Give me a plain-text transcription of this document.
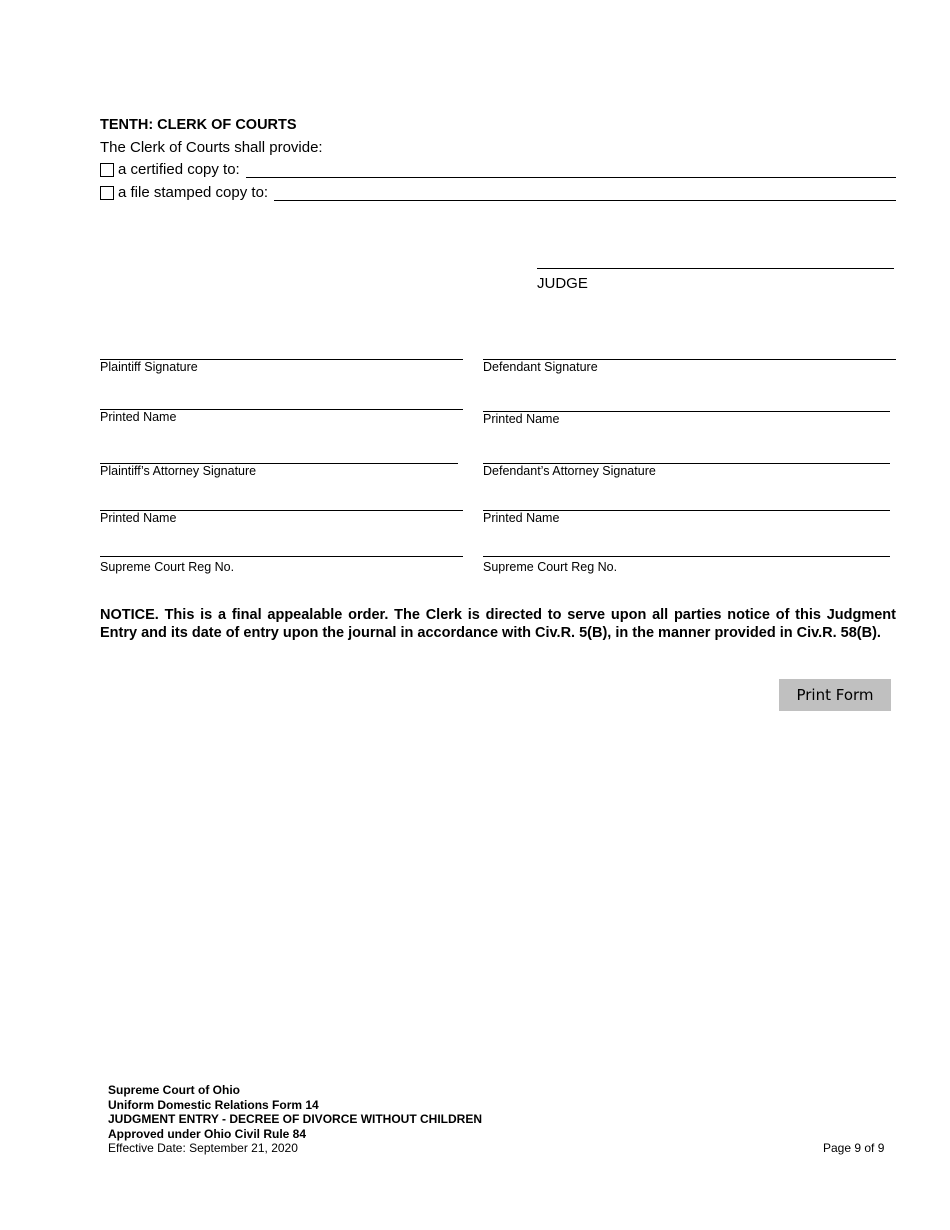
TENTH: CLERK OF COURTS
The Clerk of Courts shall provide:
a certified copy to:
a file stamped copy to:
JUDGE
Plaintiff Signature	Defendant Signature
Printed Name	Printed Name
Plaintiff’s Attorney Signature	Defendant’s Attorney Signature
Printed Name	Printed Name
Supreme Court Reg No.	Supreme Court Reg No.
NOTICE. This is a final appealable order. The Clerk is directed to serve upon all parties notice of this Judgment Entry and its date of entry upon the journal in accordance with Civ.R. 5(B), in the manner provided in Civ.R. 58(B).
Print Form
Supreme Court of Ohio
Uniform Domestic Relations Form 14
JUDGMENT ENTRY - DECREE OF DIVORCE WITHOUT CHILDREN
Approved under Ohio Civil Rule 84
Effective Date: September 21, 2020	Page 9 of 9
